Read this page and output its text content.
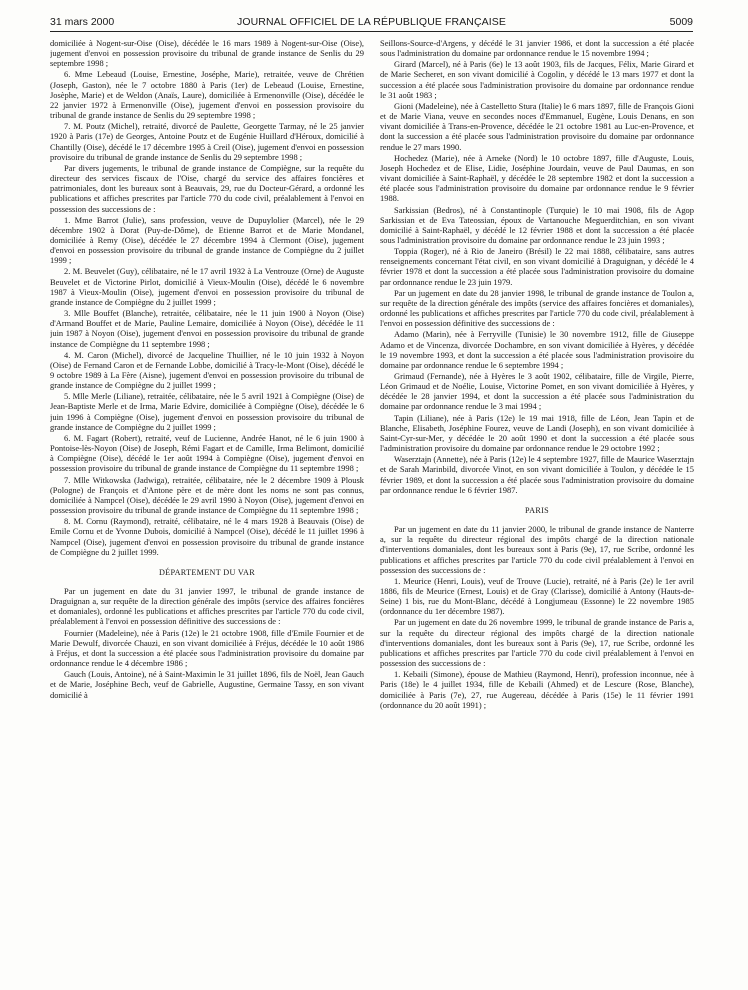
31 mars 2000	JOURNAL OFFICIEL DE LA RÉPUBLIQUE FRANÇAISE	5009

domiciliée à Nogent-sur-Oise (Oise), décédée le 16 mars 1989 à Nogent-sur-Oise (Oise), jugement d'envoi en possession provisoire du tribunal de grande instance de Senlis du 29 septembre 1998 ;

6. Mme Lebeaud (Louise, Ernestine, Joséphe, Marie), retraitée, veuve de Chrétien (Joseph, Gaston), née le 7 octobre 1880 à Paris (1er) de Lebeaud (Louise, Ernestine, Josèphe, Marie) et de Weldon (Anaïs, Laure), domiciliée à Ermenonville (Oise), décédée le 22 janvier 1972 à Ermenonville (Oise), jugement d'envoi en possession provisoire du tribunal de grande instance de Senlis du 29 septembre 1998 ;

7. M. Poutz (Michel), retraité, divorcé de Paulette, Georgette Tarmay, né le 25 janvier 1920 à Paris (17e) de Georges, Antoine Poutz et de Eugénie Huillard d'Héroux, domicilié à Chantilly (Oise), décédé le 17 décembre 1995 à Creil (Oise), jugement d'envoi en possession provisoire du tribunal de grande instance de Senlis du 29 septembre 1998 ;

Par divers jugements, le tribunal de grande instance de Compiègne, sur la requête du directeur des services fiscaux de l'Oise, chargé du service des affaires foncières et patrimoniales, dont les bureaux sont à Beauvais, 29, rue du Docteur-Gérard, a ordonné les publications et affiches prescrites par l'article 770 du code civil, préalablement à l'envoi en possession des successions de :

1. Mme Barrot (Julie), sans profession, veuve de Dupuylolier (Marcel), née le 29 décembre 1902 à Dorat (Puy-de-Dôme), de Etienne Barrot et de Marie Mondanel, domiciliée à Remy (Oise), décédée le 27 décembre 1994 à Clermont (Oise), jugement d'envoi en possession provisoire du tribunal de grande instance de Compiègne du 2 juillet 1999 ;

2. M. Beuvelet (Guy), célibataire, né le 17 avril 1932 à La Ventrouze (Orne) de Auguste Beuvelet et de Victorine Pirlot, domicilié à Vieux-Moulin (Oise), décédé le 6 novembre 1987 à Vieux-Moulin (Oise), jugement d'envoi en possession provisoire du tribunal de grande instance de Compiègne du 2 juillet 1999 ;

3. Mlle Bouffet (Blanche), retraitée, célibataire, née le 11 juin 1900 à Noyon (Oise) d'Armand Bouffet et de Marie, Pauline Lemaire, domiciliée à Noyon (Oise), décédée le 11 juin 1987 à Noyon (Oise), jugement d'envoi en possession provisoire du tribunal de grande instance de Compiègne du 11 septembre 1998 ;

4. M. Caron (Michel), divorcé de Jacqueline Thuillier, né le 10 juin 1932 à Noyon (Oise) de Fernand Caron et de Fernande Lobbe, domicilié à Tracy-le-Mont (Oise), décédé le 9 octobre 1989 à La Fère (Aisne), jugement d'envoi en possession provisoire du tribunal de grande instance de Compiègne du 2 juillet 1999 ;

5. Mlle Merle (Liliane), retraitée, célibataire, née le 5 avril 1921 à Compiègne (Oise) de Jean-Baptiste Merle et de Irma, Marie Edvire, domiciliée à Compiègne (Oise), décédée le 6 juin 1996 à Compiègne (Oise), jugement d'envoi en possession provisoire du tribunal de grande instance de Compiègne du 2 juillet 1999 ;

6. M. Fagart (Robert), retraité, veuf de Lucienne, Andrée Hanot, né le 6 juin 1900 à Pontoise-lès-Noyon (Oise) de Joseph, Rémi Fagart et de Camille, Irma Belimont, domicilié à Compiègne (Oise), décédé le 1er août 1994 à Compiègne (Oise), jugement d'envoi en possession provisoire du tribunal de grande instance de Compiègne du 11 septembre 1998 ;

7. Mlle Witkowska (Jadwiga), retraitée, célibataire, née le 2 décembre 1909 à Plousk (Pologne) de François et d'Antone père et de mère dont les noms ne sont pas connus, domiciliée à Nampcel (Oise), décédée le 29 avril 1990 à Noyon (Oise), jugement d'envoi en possession provisoire du tribunal de grande instance de Compiègne du 11 septembre 1998 ;

8. M. Cornu (Raymond), retraité, célibataire, né le 4 mars 1928 à Beauvais (Oise) de Emile Cornu et de Yvonne Dubois, domicilié à Nampcel (Oise), décédé le 11 juillet 1996 à Nampcel (Oise), jugement d'envoi en possession provisoire du tribunal de grande instance de Compiègne du 2 juillet 1999.

DÉPARTEMENT DU VAR

Par un jugement en date du 31 janvier 1997, le tribunal de grande instance de Draguignan a, sur requête de la direction générale des impôts (service des affaires foncières et domaniales), ordonné les publications et affiches prescrites par l'article 770 du code civil, préalablement à l'envoi en possession définitive des successions de :

Fournier (Madeleine), née à Paris (12e) le 21 octobre 1908, fille d'Emile Fournier et de Marie Dewulf, divorcée Chauzi, en son vivant domiciliée à Fréjus, décédée le 10 août 1986 à Fréjus, et dont la succession a été placée sous l'administration provisoire du domaine par ordonnance rendue le 4 décembre 1986 ;

Gauch (Louis, Antoine), né à Saint-Maximin le 31 juillet 1896, fils de Noël, Jean Gauch et de Marie, Joséphine Bech, veuf de Gabrielle, Augustine, Germaine Tassy, en son vivant domicilié à

Seillons-Source-d'Argens, y décédé le 31 janvier 1986, et dont la succession a été placée sous l'administration du domaine par ordonnance rendue le 15 novembre 1994 ;

Girard (Marcel), né à Paris (6e) le 13 août 1903, fils de Jacques, Félix, Marie Girard et de Marie Secheret, en son vivant domicilié à Cogolin, y décédé le 13 mars 1977 et dont la succession a été placée sous l'administration provisoire du domaine par ordonnance rendue le 31 août 1983 ;

Gioni (Madeleine), née à Castelletto Stura (Italie) le 6 mars 1897, fille de François Gioni et de Marie Viana, veuve en secondes noces d'Emmanuel, Eugène, Louis Denans, en son vivant domiciliée à Trans-en-Provence, décédée le 21 octobre 1981 au Luc-en-Provence, et dont la succession a été placée sous l'administration provisoire du domaine par ordonnance rendue le 27 mars 1990.

Hochedez (Marie), née à Arneke (Nord) le 10 octobre 1897, fille d'Auguste, Louis, Joseph Hochedez et de Elise, Lidie, Joséphine Jourdain, veuve de Paul Daumas, en son vivant domiciliée à Saint-Raphaël, y décédée le 28 septembre 1982 et dont la succession a été placée sous l'administration provisoire du domaine par ordonnance rendue le 9 février 1988.

Sarkissian (Bedros), né à Constantinople (Turquie) le 10 mai 1908, fils de Agop Sarkissian et de Eva Tateossian, époux de Vartanouche Meguerditchian, en son vivant domicilié à Saint-Raphaël, y décédé le 12 février 1988 et dont la succession a été placée sous l'administration provisoire du domaine par ordonnance rendue le 23 juin 1993 ;

Toppia (Roger), né à Rio de Janeiro (Brésil) le 22 mai 1888, célibataire, sans autres renseignements concernant l'état civil, en son vivant domicilié à Draguignan, y décédé le 4 février 1978 et dont la succession a été placée sous l'administration provisoire du domaine par ordonnance rendue le 23 juin 1979.

Par un jugement en date du 28 janvier 1998, le tribunal de grande instance de Toulon a, sur requête de la direction générale des impôts (service des affaires foncières et domaniales), ordonné les publications et affiches prescrites par l'article 770 du code civil, préalablement à l'envoi en possession définitive des successions de :

Adamo (Marin), née à Ferryville (Tunisie) le 30 novembre 1912, fille de Giuseppe Adamo et de Vincenza, divorcée Dochambre, en son vivant domiciliée à Hyères, y décédée le 19 novembre 1993, et dont la succession a été placée sous l'administration provisoire du domaine par ordonnance rendue le 6 septembre 1994 ;

Grimaud (Fernande), née à Hyères le 3 août 1902, célibataire, fille de Virgile, Pierre, Léon Grimaud et de Noélie, Louise, Victorine Pomet, en son vivant domiciliée à Hyères, y décédée le 28 janvier 1994, et dont la succession a été placée sous l'administration du domaine par ordonnance rendue le 3 mai 1994 ;

Tapin (Liliane), née à Paris (12e) le 19 mai 1918, fille de Léon, Jean Tapin et de Blanche, Elisabeth, Joséphine Fourez, veuve de Landi (Joseph), en son vivant domiciliée à Saint-Cyr-sur-Mer, y décédée le 20 août 1990 et dont la succession a été placée sous l'administration provisoire du domaine par ordonnance rendue le 29 octobre 1992 ;

Waserztajn (Annette), née à Paris (12e) le 4 septembre 1927, fille de Maurice Waserztajn et de Sarah Marinbild, divorcée Vinot, en son vivant domiciliée à Toulon, y décédée le 15 février 1989, et dont la succession a été placée sous l'administration provisoire du domaine par ordonnance rendue le 6 février 1987.

PARIS

Par un jugement en date du 11 janvier 2000, le tribunal de grande instance de Nanterre a, sur la requête du directeur régional des impôts chargé de la direction nationale d'interventions domaniales, dont les bureaux sont à Paris (9e), 17, rue Scribe, ordonné les publications et affiches prescrites par l'article 770 du code civil préalablement à l'envoi en possession des successions de :

1. Meurice (Henri, Louis), veuf de Trouve (Lucie), retraité, né à Paris (2e) le 1er avril 1886, fils de Meurice (Ernest, Louis) et de Gray (Clarisse), domicilié à Antony (Hauts-de-Seine) 1 bis, rue du Mont-Blanc, décédé à Longjumeau (Essonne) le 22 novembre 1985 (ordonnance du 1er décembre 1987).

Par un jugement en date du 26 novembre 1999, le tribunal de grande instance de Paris a, sur la requête du directeur régional des impôts chargé de la direction nationale d'interventions domaniales, dont les bureaux sont à Paris (9e), 17, rue Scribe, ordonné les publications et affiches prescrites par l'article 770 du code civil préalablement à l'envoi en possession des successions de :

1. Kebaili (Simone), épouse de Mathieu (Raymond, Henri), profession inconnue, née à Paris (18e) le 4 juillet 1934, fille de Kebaili (Ahmed) et de Lescure (Rose, Blanche), domiciliée à Paris (7e), 27, rue Augereau, décédée à Paris (15e) le 11 février 1991 (ordonnance du 20 août 1991) ;
